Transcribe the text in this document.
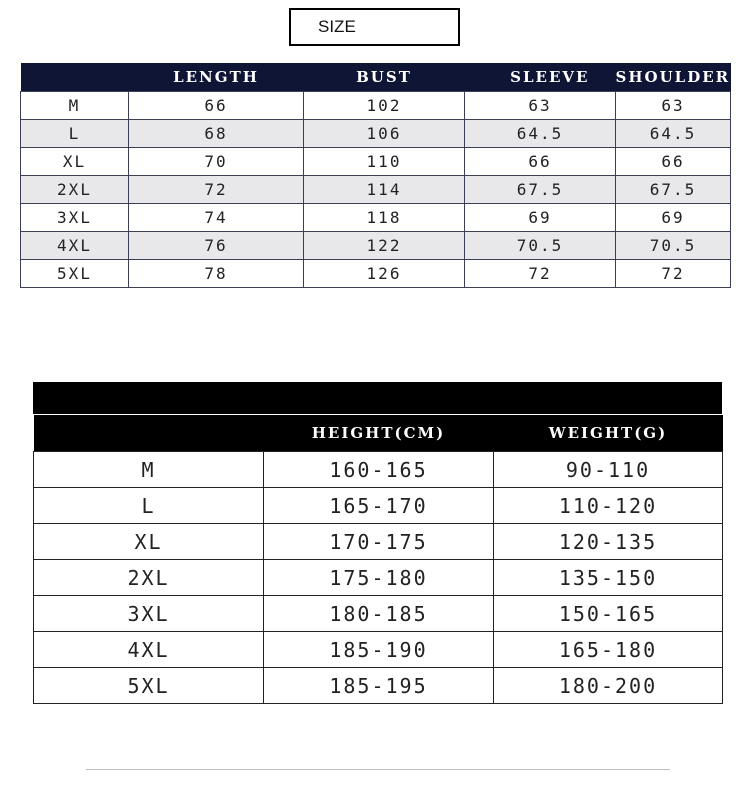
SIZE
	LENGTH	BUST	SLEEVE	SHOULDER
M	66	102	63	63
L	68	106	64.5	64.5
XL	70	110	66	66
2XL	72	114	67.5	67.5
3XL	74	118	69	69
4XL	76	122	70.5	70.5
5XL	78	126	72	72
	HEIGHT(CM)	WEIGHT(G)
M	160-165	90-110
L	165-170	110-120
XL	170-175	120-135
2XL	175-180	135-150
3XL	180-185	150-165
4XL	185-190	165-180
5XL	185-195	180-200
